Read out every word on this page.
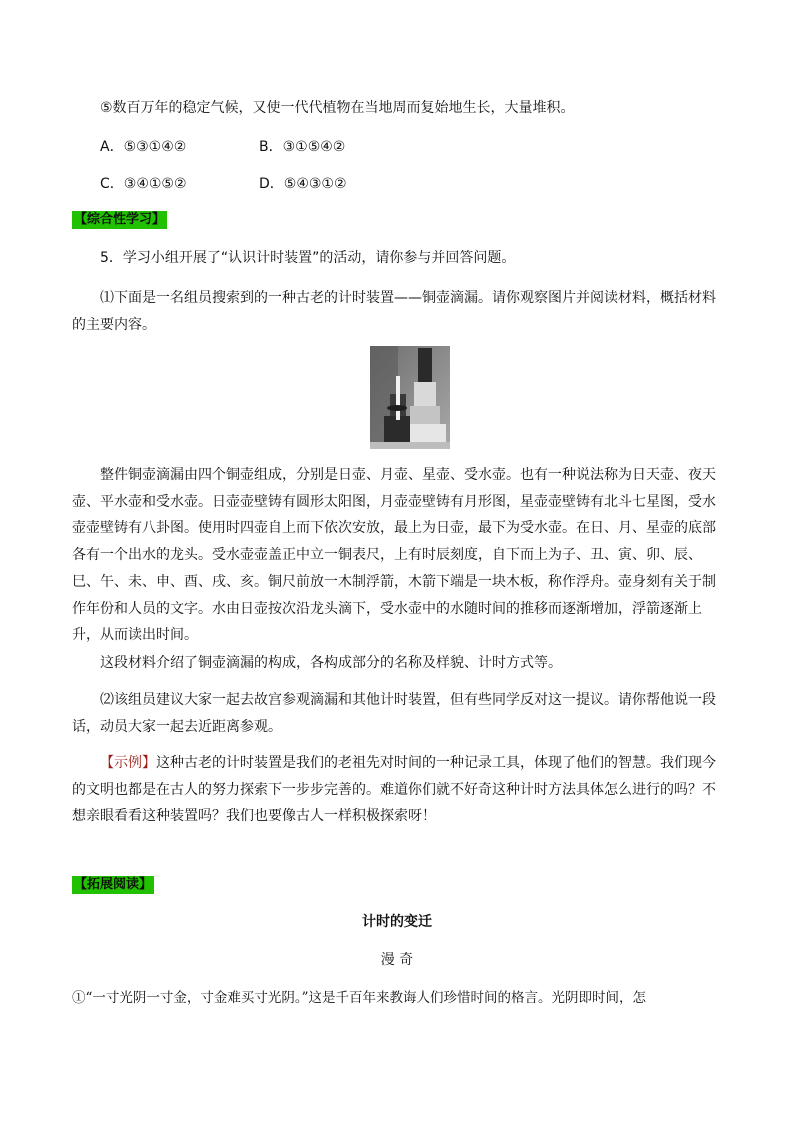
⑤数百万年的稳定气候，又使一代代植物在当地周而复始地生长，大量堆积。
A．⑤③①④②	B．③①⑤④②
C．③④①⑤②	D．⑤④③①②
【综合性学习】
5．学习小组开展了“认识计时装置”的活动，请你参与并回答问题。
⑴下面是一名组员搜索到的一种古老的计时装置——铜壶滴漏。请你观察图片并阅读材料，概括材料的主要内容。
整件铜壶滴漏由四个铜壶组成，分别是日壶、月壶、星壶、受水壶。也有一种说法称为日天壶、夜天壶、平水壶和受水壶。日壶壶壁铸有圆形太阳图，月壶壶壁铸有月形图，星壶壶壁铸有北斗七星图，受水壶壶壁铸有八卦图。使用时四壶自上而下依次安放，最上为日壶，最下为受水壶。在日、月、星壶的底部各有一个出水的龙头。受水壶壶盖正中立一铜表尺，上有时辰刻度，自下而上为子、丑、寅、卯、辰、巳、午、未、申、酉、戌、亥。铜尺前放一木制浮箭，木箭下端是一块木板，称作浮舟。壶身刻有关于制作年份和人员的文字。水由日壶按次沿龙头滴下，受水壶中的水随时间的推移而逐渐增加，浮箭逐渐上升，从而读出时间。
这段材料介绍了铜壶滴漏的构成，各构成部分的名称及样貌、计时方式等。
⑵该组员建议大家一起去故宫参观滴漏和其他计时装置，但有些同学反对这一提议。请你帮他说一段话，动员大家一起去近距离参观。
【示例】这种古老的计时装置是我们的老祖先对时间的一种记录工具，体现了他们的智慧。我们现今的文明也都是在古人的努力探索下一步步完善的。难道你们就不好奇这种计时方法具体怎么进行的吗？不想亲眼看看这种装置吗？我们也要像古人一样积极探索呀！
【拓展阅读】
计时的变迁
漫 奇
①“一寸光阴一寸金，寸金难买寸光阴。”这是千百年来教诲人们珍惜时间的格言。光阴即时间，怎
